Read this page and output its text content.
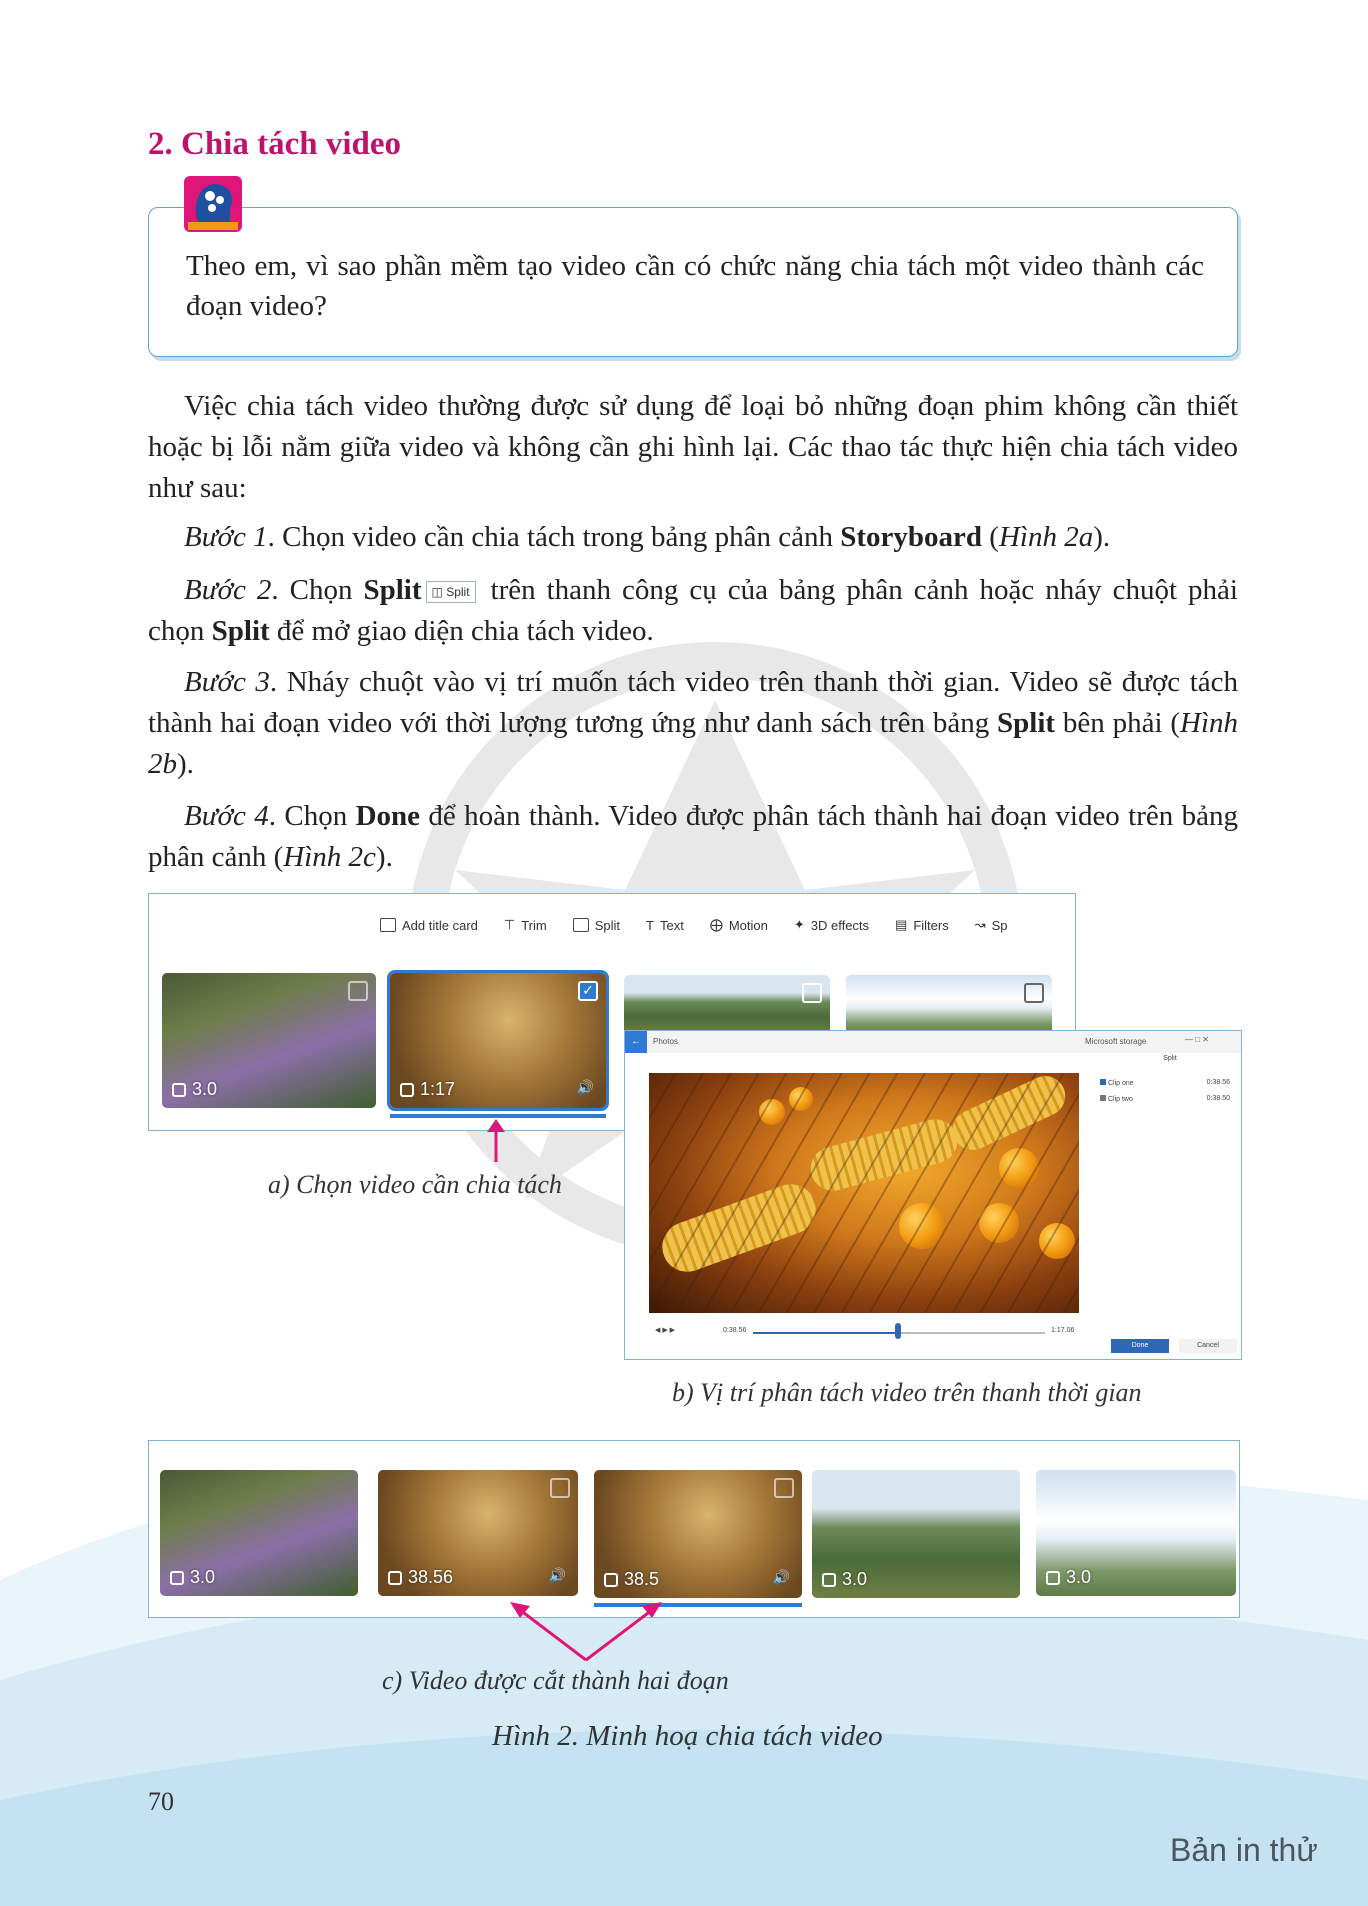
2. Chia tách video
Theo em, vì sao phần mềm tạo video cần có chức năng chia tách một video thành các đoạn video?
Việc chia tách video thường được sử dụng để loại bỏ những đoạn phim không cần thiết hoặc bị lỗi nằm giữa video và không cần ghi hình lại. Các thao tác thực hiện chia tách video như sau:
Bước 1. Chọn video cần chia tách trong bảng phân cảnh Storyboard (Hình 2a).
Bước 2. Chọn Split ◫ Split trên thanh công cụ của bảng phân cảnh hoặc nháy chuột phải chọn Split để mở giao diện chia tách video.
Bước 3. Nháy chuột vào vị trí muốn tách video trên thanh thời gian. Video sẽ được tách thành hai đoạn video với thời lượng tương ứng như danh sách trên bảng Split bên phải (Hình 2b).
Bước 4. Chọn Done để hoàn thành. Video được phân tách thành hai đoạn video trên bảng phân cảnh (Hình 2c).
Add title card ⊤ Trim	Split T Text ⨁ Motion ✦ 3D effects ▤ Filters ↝ Sp
3.0
✓
1:17	🔊
a) Chọn video cần chia tách
←	Photos	Microsoft storage	— □ ✕
◀ ▶ ▶	0:38.56	1:17.06
Split
Clip one	0:38.56
Clip two	0:38.50
Done	Cancel
b) Vị trí phân tách video trên thanh thời gian
3.0	38.56	🔊	38.5	🔊	3.0	3.0
c) Video được cắt thành hai đoạn
Hình 2. Minh hoạ chia tách video
70
Bản in thử
